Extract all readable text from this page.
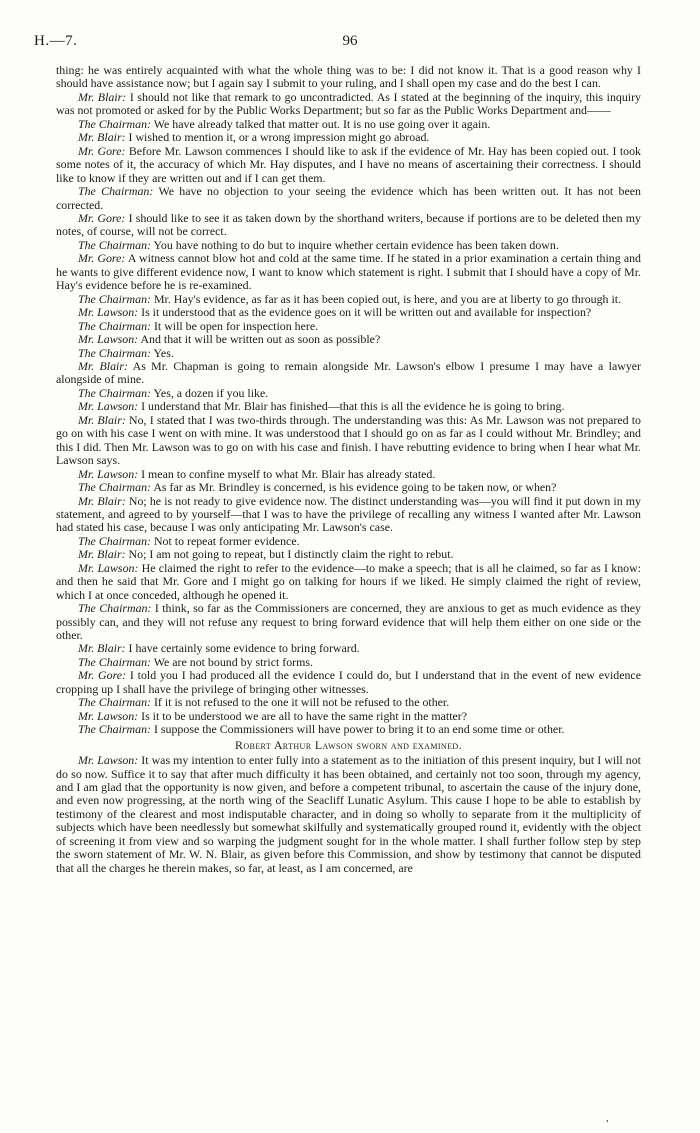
H.—7.	96

thing: he was entirely acquainted with what the whole thing was to be: I did not know it. That is a good reason why I should have assistance now; but I again say I submit to your ruling, and I shall open my case and do the best I can.

Mr. Blair: I should not like that remark to go uncontradicted. As I stated at the beginning of the inquiry, this inquiry was not promoted or asked for by the Public Works Department; but so far as the Public Works Department and——

The Chairman: We have already talked that matter out. It is no use going over it again.

Mr. Blair: I wished to mention it, or a wrong impression might go abroad.

Mr. Gore: Before Mr. Lawson commences I should like to ask if the evidence of Mr. Hay has been copied out. I took some notes of it, the accuracy of which Mr. Hay disputes, and I have no means of ascertaining their correctness. I should like to know if they are written out and if I can get them.

The Chairman: We have no objection to your seeing the evidence which has been written out. It has not been corrected.

Mr. Gore: I should like to see it as taken down by the shorthand writers, because if portions are to be deleted then my notes, of course, will not be correct.

The Chairman: You have nothing to do but to inquire whether certain evidence has been taken down.

Mr. Gore: A witness cannot blow hot and cold at the same time. If he stated in a prior examination a certain thing and he wants to give different evidence now, I want to know which statement is right. I submit that I should have a copy of Mr. Hay's evidence before he is re-examined.

The Chairman: Mr. Hay's evidence, as far as it has been copied out, is here, and you are at liberty to go through it.

Mr. Lawson: Is it understood that as the evidence goes on it will be written out and available for inspection?

The Chairman: It will be open for inspection here.

Mr. Lawson: And that it will be written out as soon as possible?

The Chairman: Yes.

Mr. Blair: As Mr. Chapman is going to remain alongside Mr. Lawson's elbow I presume I may have a lawyer alongside of mine.

The Chairman: Yes, a dozen if you like.

Mr. Lawson: I understand that Mr. Blair has finished—that this is all the evidence he is going to bring.

Mr. Blair: No, I stated that I was two-thirds through. The understanding was this: As Mr. Lawson was not prepared to go on with his case I went on with mine. It was understood that I should go on as far as I could without Mr. Brindley; and this I did. Then Mr. Lawson was to go on with his case and finish. I have rebutting evidence to bring when I hear what Mr. Lawson says.

Mr. Lawson: I mean to confine myself to what Mr. Blair has already stated.

The Chairman: As far as Mr. Brindley is concerned, is his evidence going to be taken now, or when?

Mr. Blair: No; he is not ready to give evidence now. The distinct understanding was—you will find it put down in my statement, and agreed to by yourself—that I was to have the privilege of recalling any witness I wanted after Mr. Lawson had stated his case, because I was only anticipating Mr. Lawson's case.

The Chairman: Not to repeat former evidence.

Mr. Blair: No; I am not going to repeat, but I distinctly claim the right to rebut.

Mr. Lawson: He claimed the right to refer to the evidence—to make a speech; that is all he claimed, so far as I know: and then he said that Mr. Gore and I might go on talking for hours if we liked. He simply claimed the right of review, which I at once conceded, although he opened it.

The Chairman: I think, so far as the Commissioners are concerned, they are anxious to get as much evidence as they possibly can, and they will not refuse any request to bring forward evidence that will help them either on one side or the other.

Mr. Blair: I have certainly some evidence to bring forward.

The Chairman: We are not bound by strict forms.

Mr. Gore: I told you I had produced all the evidence I could do, but I understand that in the event of new evidence cropping up I shall have the privilege of bringing other witnesses.

The Chairman: If it is not refused to the one it will not be refused to the other.

Mr. Lawson: Is it to be understood we are all to have the same right in the matter?

The Chairman: I suppose the Commissioners will have power to bring it to an end some time or other.

Robert Arthur Lawson sworn and examined.

Mr. Lawson: It was my intention to enter fully into a statement as to the initiation of this present inquiry, but I will not do so now. Suffice it to say that after much difficulty it has been obtained, and certainly not too soon, through my agency, and I am glad that the opportunity is now given, and before a competent tribunal, to ascertain the cause of the injury done, and even now progressing, at the north wing of the Seacliff Lunatic Asylum. This cause I hope to be able to establish by testimony of the clearest and most indisputable character, and in doing so wholly to separate from it the multiplicity of subjects which have been needlessly but somewhat skilfully and systematically grouped round it, evidently with the object of screening it from view and so warping the judgment sought for in the whole matter. I shall further follow step by step the sworn statement of Mr. W. N. Blair, as given before this Commission, and show by testimony that cannot be disputed that all the charges he therein makes, so far, at least, as I am concerned, are

,
